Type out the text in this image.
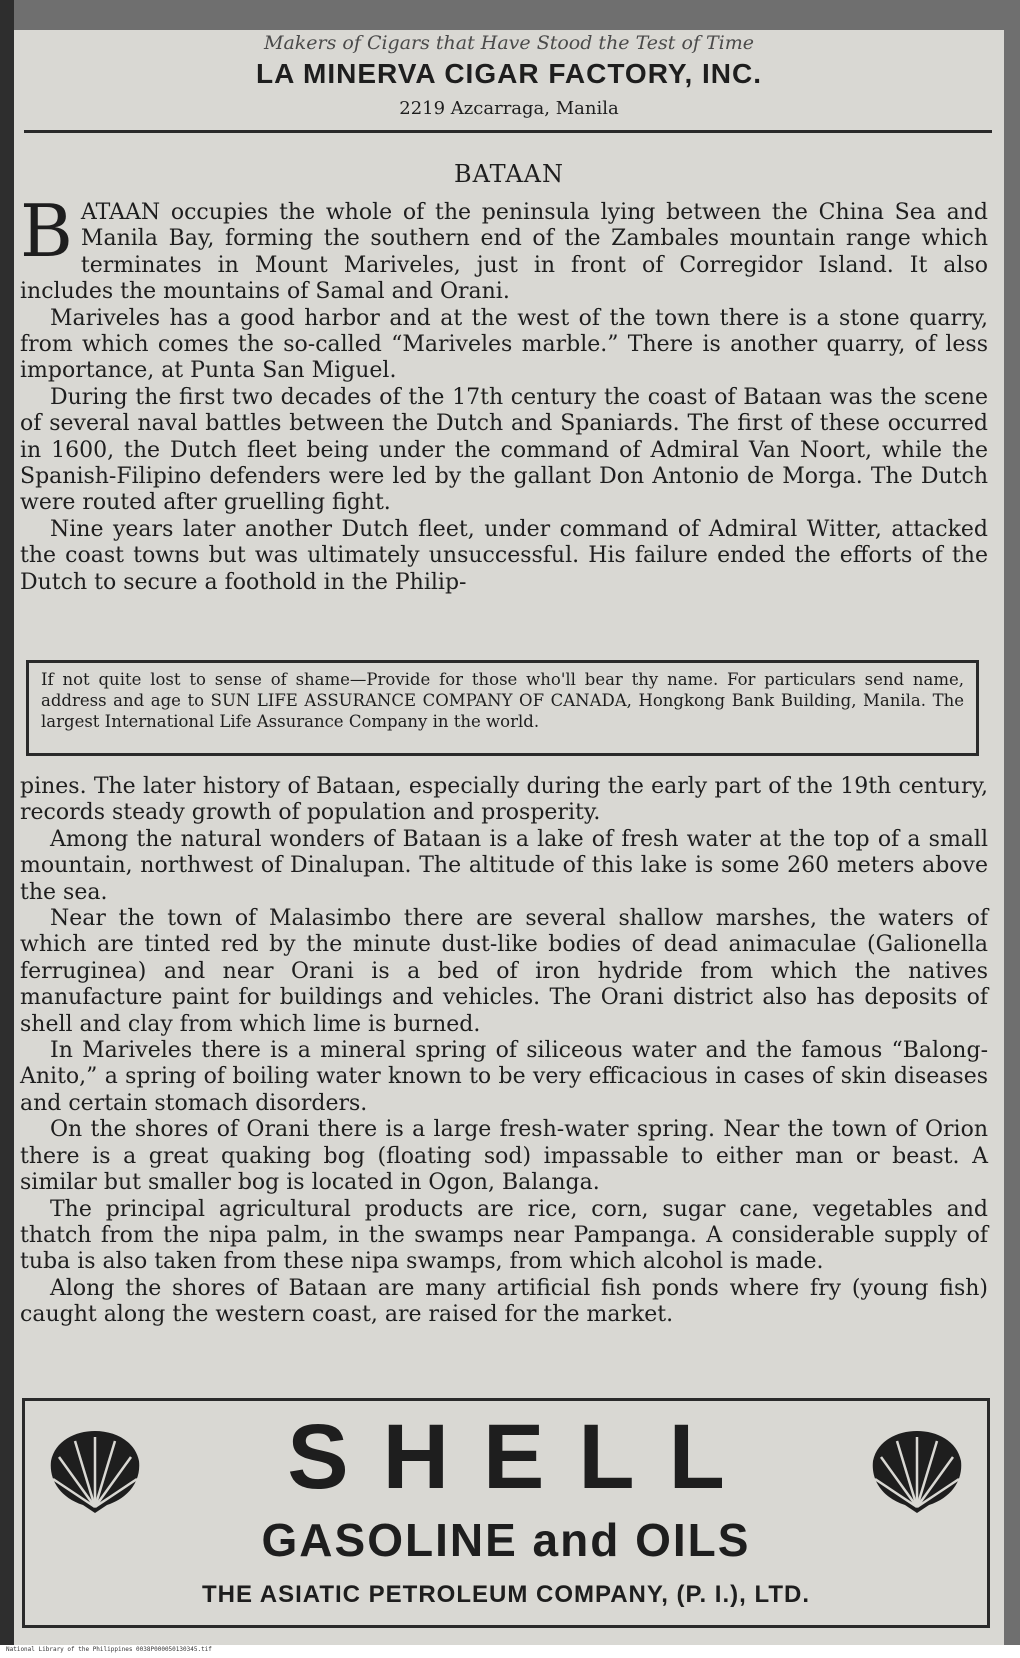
Makers of Cigars that Have Stood the Test of Time
LA MINERVA CIGAR FACTORY, INC.
2219 Azcarraga, Manila
BATAAN

BATAAN occupies the whole of the peninsula lying between the China Sea and Manila Bay, forming the southern end of the Zambales mountain range which terminates in Mount Mariveles, just in front of Corregidor Island. It also includes the mountains of Samal and Orani.

Mariveles has a good harbor and at the west of the town there is a stone quarry, from which comes the so-called “Mariveles marble.” There is another quarry, of less importance, at Punta San Miguel.

During the first two decades of the 17th century the coast of Bataan was the scene of several naval battles between the Dutch and Spaniards. The first of these occurred in 1600, the Dutch fleet being under the command of Admiral Van Noort, while the Spanish-Filipino defenders were led by the gallant Don Antonio de Morga. The Dutch were routed after gruelling fight.

Nine years later another Dutch fleet, under command of Admiral Witter, attacked the coast towns but was ultimately unsuccessful. His failure ended the efforts of the Dutch to secure a foothold in the Philip-

If not quite lost to sense of shame—Provide for those who'll bear thy name. For particulars send name, address and age to SUN LIFE ASSURANCE COMPANY OF CANADA, Hongkong Bank Building, Manila. The largest International Life Assurance Company in the world.

pines. The later history of Bataan, especially during the early part of the 19th century, records steady growth of population and prosperity.

Among the natural wonders of Bataan is a lake of fresh water at the top of a small mountain, northwest of Dinalupan. The altitude of this lake is some 260 meters above the sea.

Near the town of Malasimbo there are several shallow marshes, the waters of which are tinted red by the minute dust-like bodies of dead animaculae (Galionella ferruginea) and near Orani is a bed of iron hydride from which the natives manufacture paint for buildings and vehicles. The Orani district also has deposits of shell and clay from which lime is burned.

In Mariveles there is a mineral spring of siliceous water and the famous “Balong-Anito,” a spring of boiling water known to be very efficacious in cases of skin diseases and certain stomach disorders.

On the shores of Orani there is a large fresh-water spring. Near the town of Orion there is a great quaking bog (floating sod) impassable to either man or beast. A similar but smaller bog is located in Ogon, Balanga.

The principal agricultural products are rice, corn, sugar cane, vegetables and thatch from the nipa palm, in the swamps near Pampanga. A considerable supply of tuba is also taken from these nipa swamps, from which alcohol is made.

Along the shores of Bataan are many artificial fish ponds where fry (young fish) caught along the western coast, are raised for the market.

SHELL
GASOLINE and OILS
THE ASIATIC PETROLEUM COMPANY, (P. I.), LTD.
National Library of the Philippines 0038P000050130345.tif
